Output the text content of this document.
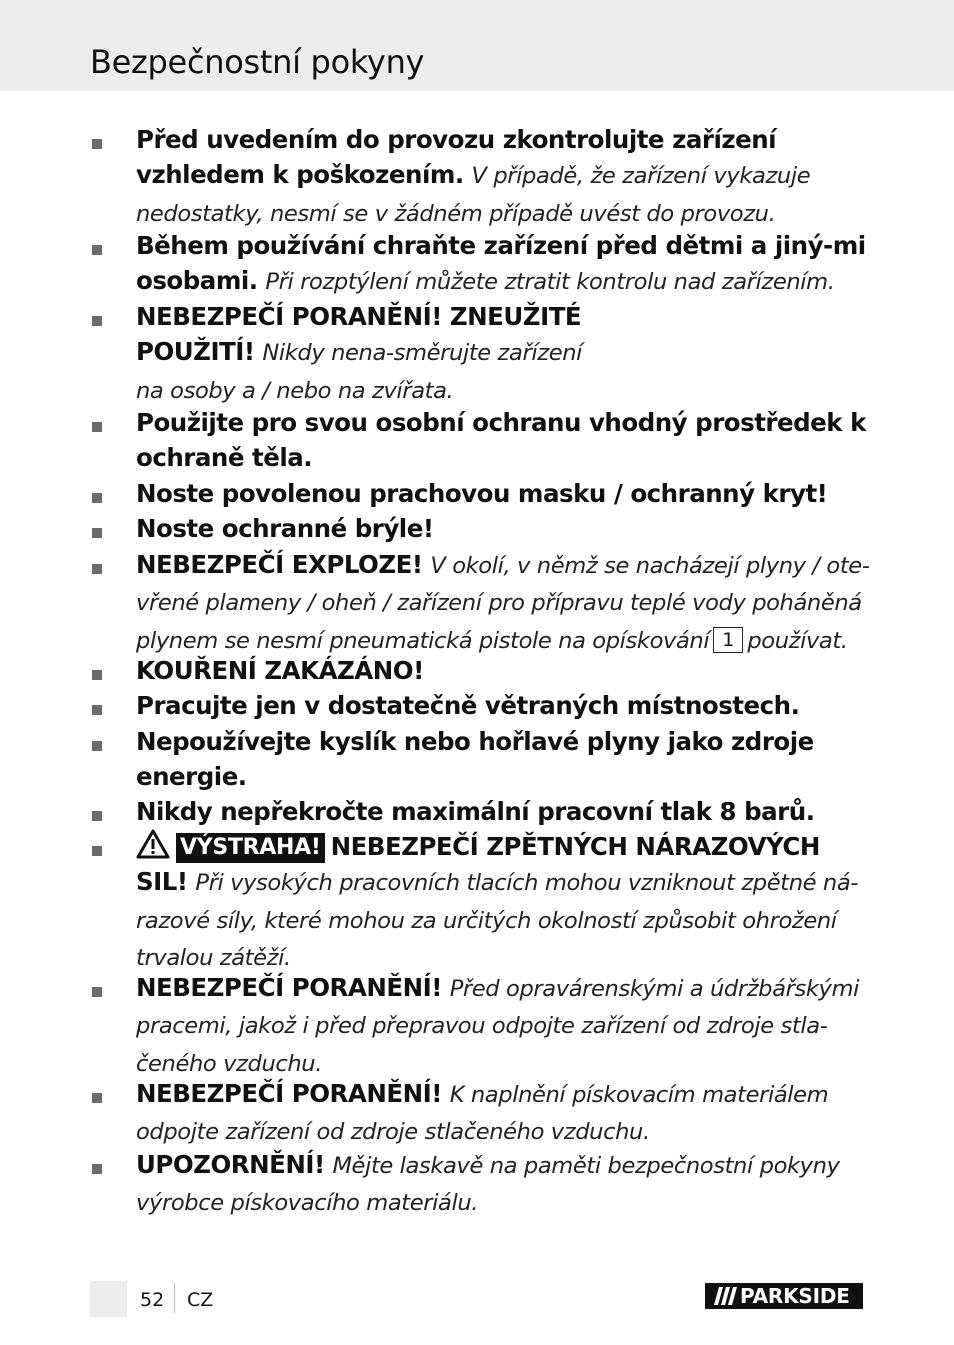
Bezpečnostní pokyny
Před uvedením do provozu zkontrolujte zařízení vzhledem k poškozením. V případě, že zařízení vykazuje nedostatky, nesmí se v žádném případě uvést do provozu.
Během používání chraňte zařízení před dětmi a jiný-mi osobami. Při rozptýlení můžete ztratit kontrolu nad zařízením.
NEBEZPEČÍ PORANĚNÍ! ZNEUŽITÉ POUŽITÍ! Nikdy nena-směrujte zařízení na osoby a / nebo na zvířata.
Použijte pro svou osobní ochranu vhodný prostředek k ochraně těla.
Noste povolenou prachovou masku / ochranný kryt!
Noste ochranné brýle!
NEBEZPEČÍ EXPLOZE! V okolí, v němž se nacházejí plyny / ote-vřené plameny / oheň / zařízení pro přípravu teplé vody poháněná plynem se nesmí pneumatická pistole na opískování 1 používat.
KOUŘENÍ ZAKÁZÁNO!
Pracujte jen v dostatečně větraných místnostech.
Nepoužívejte kyslík nebo hořlavé plyny jako zdroje energie.
Nikdy nepřekročte maximální pracovní tlak 8 barů.
VÝSTRAHA! NEBEZPEČÍ ZPĚTNÝCH NÁRAZOVÝCH SIL! Při vysokých pracovních tlacích mohou vzniknout zpětné ná-razové síly, které mohou za určitých okolností způsobit ohrožení trvalou zátěží.
NEBEZPEČÍ PORANĚNÍ! Před opravárenskými a údržbářskými pracemi, jakož i před přepravou odpojte zařízení od zdroje stla-čeného vzduchu.
NEBEZPEČÍ PORANĚNÍ! K naplnění pískovacím materiálem odpojte zařízení od zdroje stlačeného vzduchu.
UPOZORNĚNÍ! Mějte laskavě na paměti bezpečnostní pokyny výrobce pískovacího materiálu.
52 CZ	PARKSIDE
